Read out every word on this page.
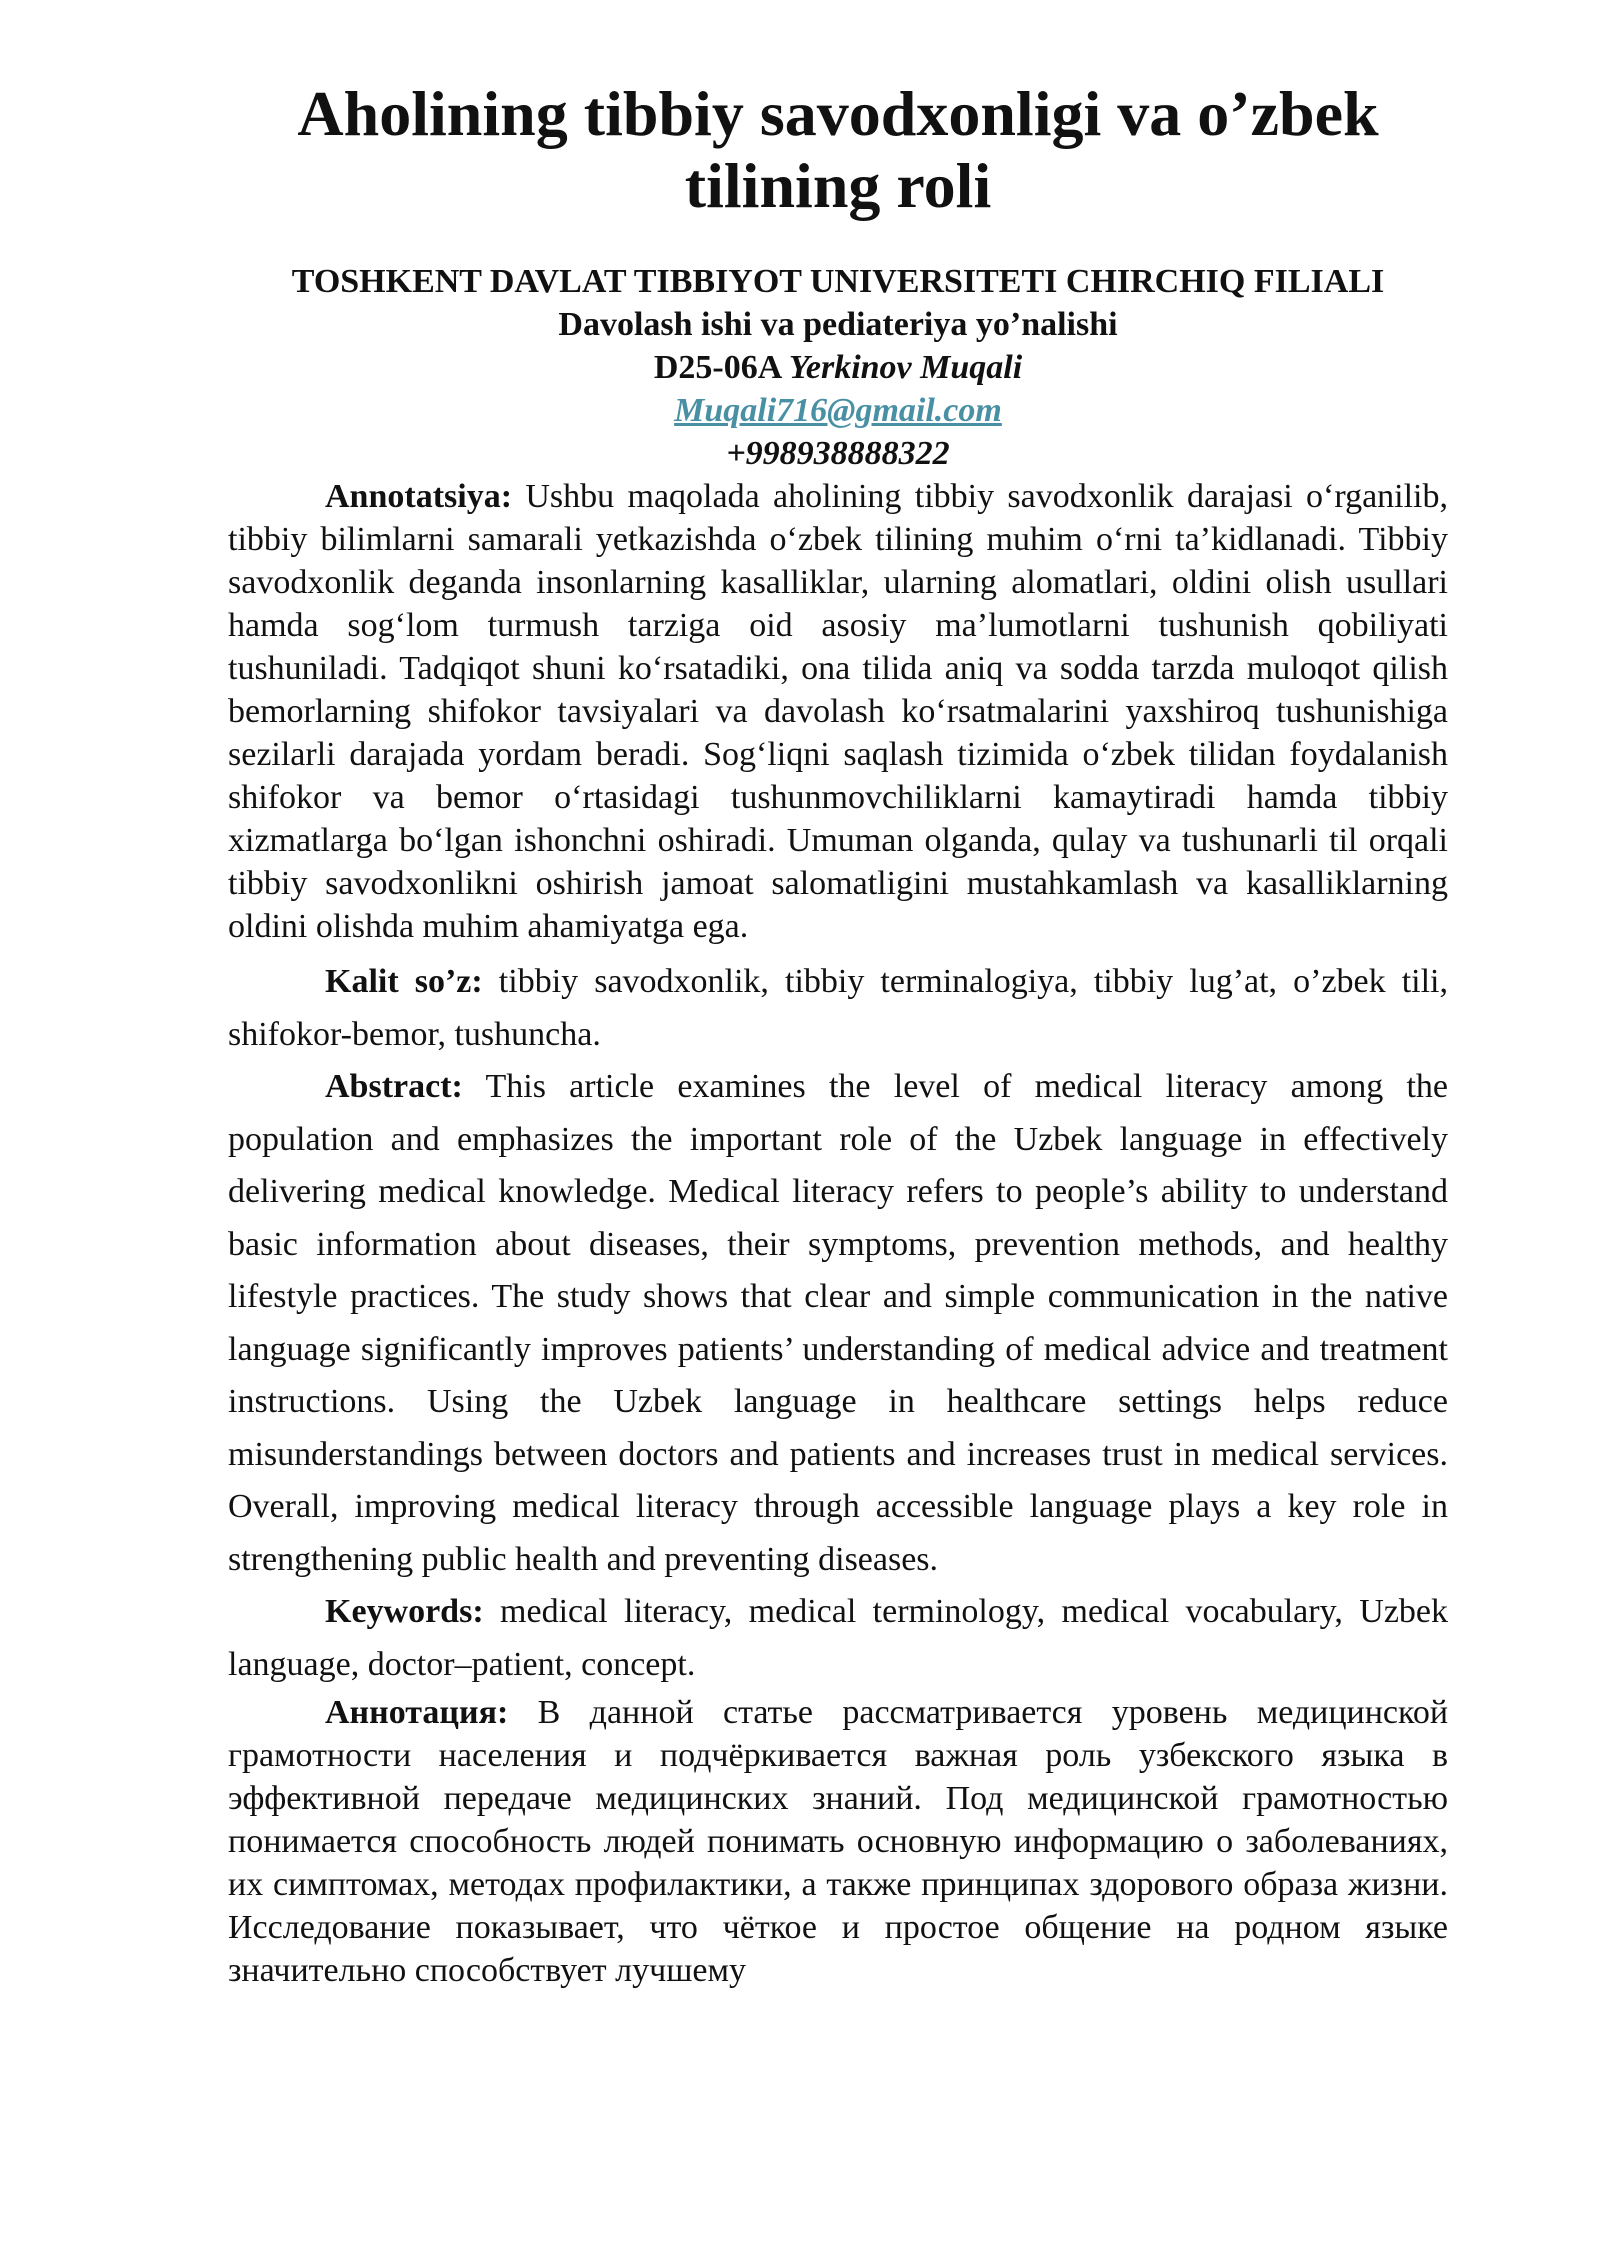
Aholining tibbiy savodxonligi va o’zbek
tilining roli
TOSHKENT DAVLAT TIBBIYOT UNIVERSITETI CHIRCHIQ FILIALI
Davolash ishi va pediateriya yo’nalishi
D25-06A Yerkinov Muqali
Muqali716@gmail.com
+998938888322

Annotatsiya: Ushbu maqolada aholining tibbiy savodxonlik darajasi o‘rganilib, tibbiy bilimlarni samarali yetkazishda o‘zbek tilining muhim o‘rni ta’kidlanadi. Tibbiy savodxonlik deganda insonlarning kasalliklar, ularning alomatlari, oldini olish usullari hamda sog‘lom turmush tarziga oid asosiy ma’lumotlarni tushunish qobiliyati tushuniladi. Tadqiqot shuni ko‘rsatadiki, ona tilida aniq va sodda tarzda muloqot qilish bemorlarning shifokor tavsiyalari va davolash ko‘rsatmalarini yaxshiroq tushunishiga sezilarli darajada yordam beradi. Sog‘liqni saqlash tizimida o‘zbek tilidan foydalanish shifokor va bemor o‘rtasidagi tushunmovchiliklarni kamaytiradi hamda tibbiy xizmatlarga bo‘lgan ishonchni oshiradi. Umuman olganda, qulay va tushunarli til orqali tibbiy savodxonlikni oshirish jamoat salomatligini mustahkamlash va kasalliklarning oldini olishda muhim ahamiyatga ega.

Kalit so’z: tibbiy savodxonlik, tibbiy terminalogiya, tibbiy lug’at, o’zbek tili, shifokor-bemor, tushuncha.

Abstract: This article examines the level of medical literacy among the population and emphasizes the important role of the Uzbek language in effectively delivering medical knowledge. Medical literacy refers to people’s ability to understand basic information about diseases, their symptoms, prevention methods, and healthy lifestyle practices. The study shows that clear and simple communication in the native language significantly improves patients’ understanding of medical advice and treatment instructions. Using the Uzbek language in healthcare settings helps reduce misunderstandings between doctors and patients and increases trust in medical services. Overall, improving medical literacy through accessible language plays a key role in strengthening public health and preventing diseases.

Keywords: medical literacy, medical terminology, medical vocabulary, Uzbek language, doctor–patient, concept.

Аннотация: В данной статье рассматривается уровень медицинской грамотности населения и подчёркивается важная роль узбекского языка в эффективной передаче медицинских знаний. Под медицинской грамотностью понимается способность людей понимать основную информацию о заболеваниях, их симптомах, методах профилактики, а также принципах здорового образа жизни. Исследование показывает, что чёткое и простое общение на родном языке значительно способствует лучшему
